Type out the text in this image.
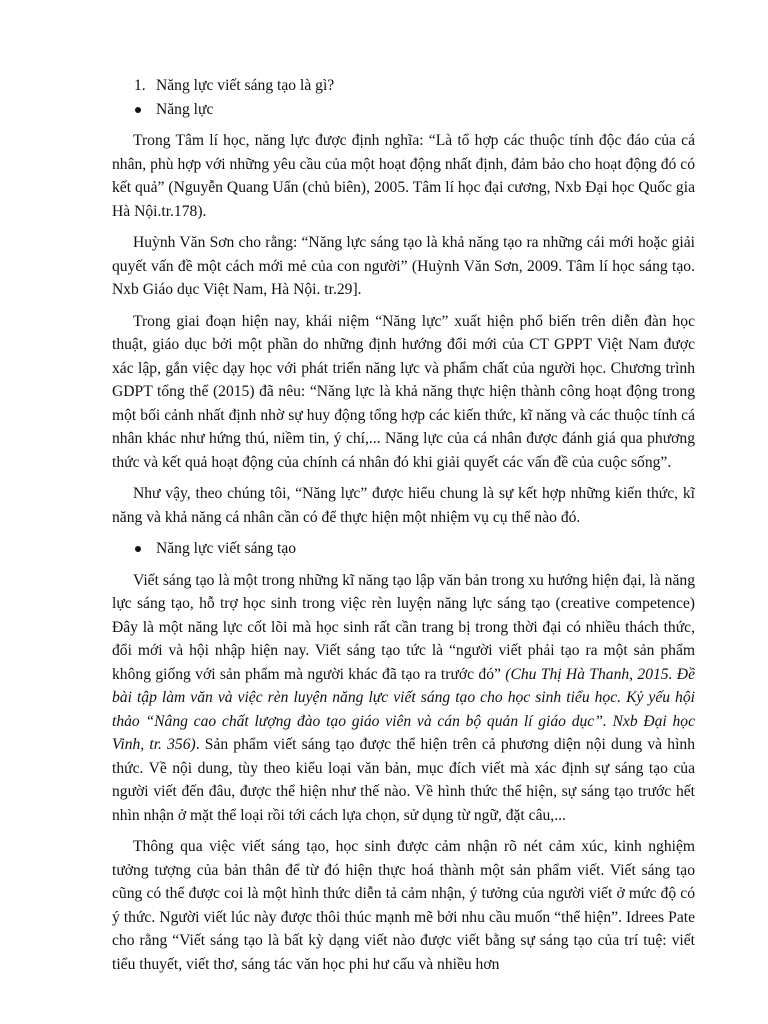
1. Năng lực viết sáng tạo là gì?
Năng lực

Trong Tâm lí học, năng lực được định nghĩa: “Là tổ hợp các thuộc tính độc đáo của cá nhân, phù hợp với những yêu cầu của một hoạt động nhất định, đảm bảo cho hoạt động đó có kết quả” (Nguyễn Quang Uẩn (chủ biên), 2005. Tâm lí học đại cương, Nxb Đại học Quốc gia Hà Nội.tr.178).

Huỳnh Văn Sơn cho rằng: “Năng lực sáng tạo là khả năng tạo ra những cái mới hoặc giải quyết vấn đề một cách mới mẻ của con người” (Huỳnh Văn Sơn, 2009. Tâm lí học sáng tạo. Nxb Giáo dục Việt Nam, Hà Nội. tr.29].

Trong giai đoạn hiện nay, khái niệm “Năng lực” xuất hiện phổ biến trên diễn đàn học thuật, giáo dục bởi một phần do những định hướng đổi mới của CT GPPT Việt Nam được xác lập, gắn việc dạy học với phát triển năng lực và phẩm chất của người học. Chương trình GDPT tổng thể (2015) đã nêu: “Năng lực là khả năng thực hiện thành công hoạt động trong một bối cảnh nhất định nhờ sự huy động tổng hợp các kiến thức, kĩ năng và các thuộc tính cá nhân khác như hứng thú, niềm tin, ý chí,... Năng lực của cá nhân được đánh giá qua phương thức và kết quả hoạt động của chính cá nhân đó khi giải quyết các vấn đề của cuộc sống”.

Như vậy, theo chúng tôi, “Năng lực” được hiểu chung là sự kết hợp những kiến thức, kĩ năng và khả năng cá nhân cần có để thực hiện một nhiệm vụ cụ thể nào đó.

Năng lực viết sáng tạo

Viết sáng tạo là một trong những kĩ năng tạo lập văn bản trong xu hướng hiện đại, là năng lực sáng tạo, hỗ trợ học sinh trong việc rèn luyện năng lực sáng tạo (creative competence) Đây là một năng lực cốt lõi mà học sinh rất cần trang bị trong thời đại có nhiều thách thức, đổi mới và hội nhập hiện nay. Viết sáng tạo tức là “người viết phải tạo ra một sản phẩm không giống với sản phẩm mà người khác đã tạo ra trước đó” (Chu Thị Hà Thanh, 2015. Đề bài tập làm văn và việc rèn luyện năng lực viết sáng tạo cho học sinh tiểu học. Kỷ yếu hội thảo “Nâng cao chất lượng đào tạo giáo viên và cán bộ quản lí giáo dục”. Nxb Đại học Vinh, tr. 356). Sản phẩm viết sáng tạo được thể hiện trên cả phương diện nội dung và hình thức. Về nội dung, tùy theo kiểu loại văn bản, mục đích viết mà xác định sự sáng tạo của người viết đến đâu, được thể hiện như thế nào. Về hình thức thể hiện, sự sáng tạo trước hết nhìn nhận ở mặt thể loại rồi tới cách lựa chọn, sử dụng từ ngữ, đặt câu,...

Thông qua việc viết sáng tạo, học sinh được cảm nhận rõ nét cảm xúc, kinh nghiệm tưởng tượng của bản thân để từ đó hiện thực hoá thành một sản phẩm viết. Viết sáng tạo cũng có thể được coi là một hình thức diễn tả cảm nhận, ý tưởng của người viết ở mức độ có ý thức. Người viết lúc này được thôi thúc mạnh mẽ bởi nhu cầu muốn “thể hiện”. Idrees Pate cho rằng “Viết sáng tạo là bất kỳ dạng viết nào được viết bằng sự sáng tạo của trí tuệ: viết tiểu thuyết, viết thơ, sáng tác văn học phi hư cấu và nhiều hơn
